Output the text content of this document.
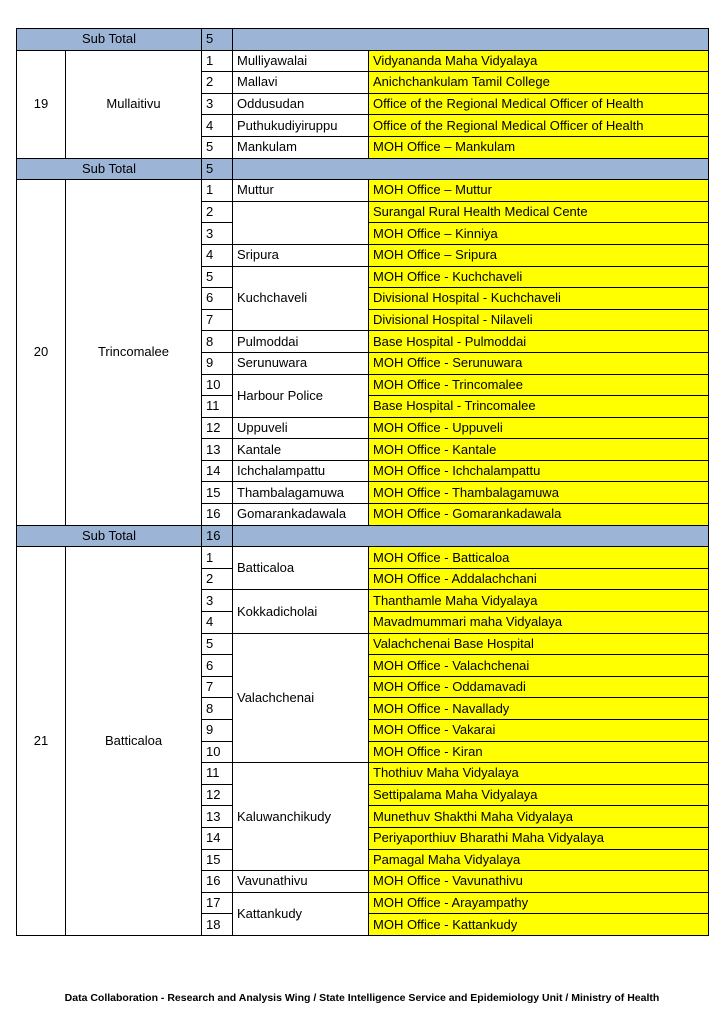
Sub Total		5		
19	Mullaitivu	1	Mulliyawalai	Vidyananda Maha Vidyalaya
		2	Mallavi	Anichchankulam Tamil College
		3	Oddusudan	Office of the Regional Medical Officer of Health
		4	Puthukudiyiruppu	Office of the Regional Medical Officer of Health
		5	Mankulam	MOH Office – Mankulam
Sub Total		5		
20	Trincomalee	1	Muttur	MOH Office – Muttur
		2		Surangal Rural Health Medical Cente
		3		MOH Office – Kinniya
		4	Sripura	MOH Office – Sripura
		5	Kuchchaveli	MOH Office - Kuchchaveli
		6		Divisional Hospital - Kuchchaveli
		7		Divisional Hospital - Nilaveli
		8	Pulmoddai	Base Hospital - Pulmoddai
		9	Serunuwara	MOH Office - Serunuwara
		10	Harbour Police	MOH Office - Trincomalee
		11		Base Hospital - Trincomalee
		12	Uppuveli	MOH Office - Uppuveli
		13	Kantale	MOH Office - Kantale
		14	Ichchalampattu	MOH Office - Ichchalampattu
		15	Thambalagamuwa	MOH Office - Thambalagamuwa
		16	Gomarankadawala	MOH Office - Gomarankadawala
Sub Total		16		
21	Batticaloa	1	Batticaloa	MOH Office - Batticaloa
		2		MOH Office - Addalachchani
		3	Kokkadicholai	Thanthamle Maha Vidyalaya
		4		Mavadmummari maha Vidyalaya
		5	Valachchenai	Valachchenai Base Hospital
		6		MOH Office - Valachchenai
		7		MOH Office - Oddamavadi
		8		MOH Office - Navallady
		9		MOH Office - Vakarai
		10		MOH Office - Kiran
		11	Kaluwanchikudy	Thothiuv Maha Vidyalaya
		12		Settipalama Maha Vidyalaya
		13		Munethuv Shakthi Maha Vidyalaya
		14		Periyaporthiuv Bharathi Maha Vidyalaya
		15		Pamagal Maha Vidyalaya
		16	Vavunathivu	MOH Office - Vavunathivu
		17	Kattankudy	MOH Office - Arayampathy
		18		MOH Office - Kattankudy
Data Collaboration - Research and Analysis Wing / State Intelligence Service and Epidemiology Unit / Ministry of Health
